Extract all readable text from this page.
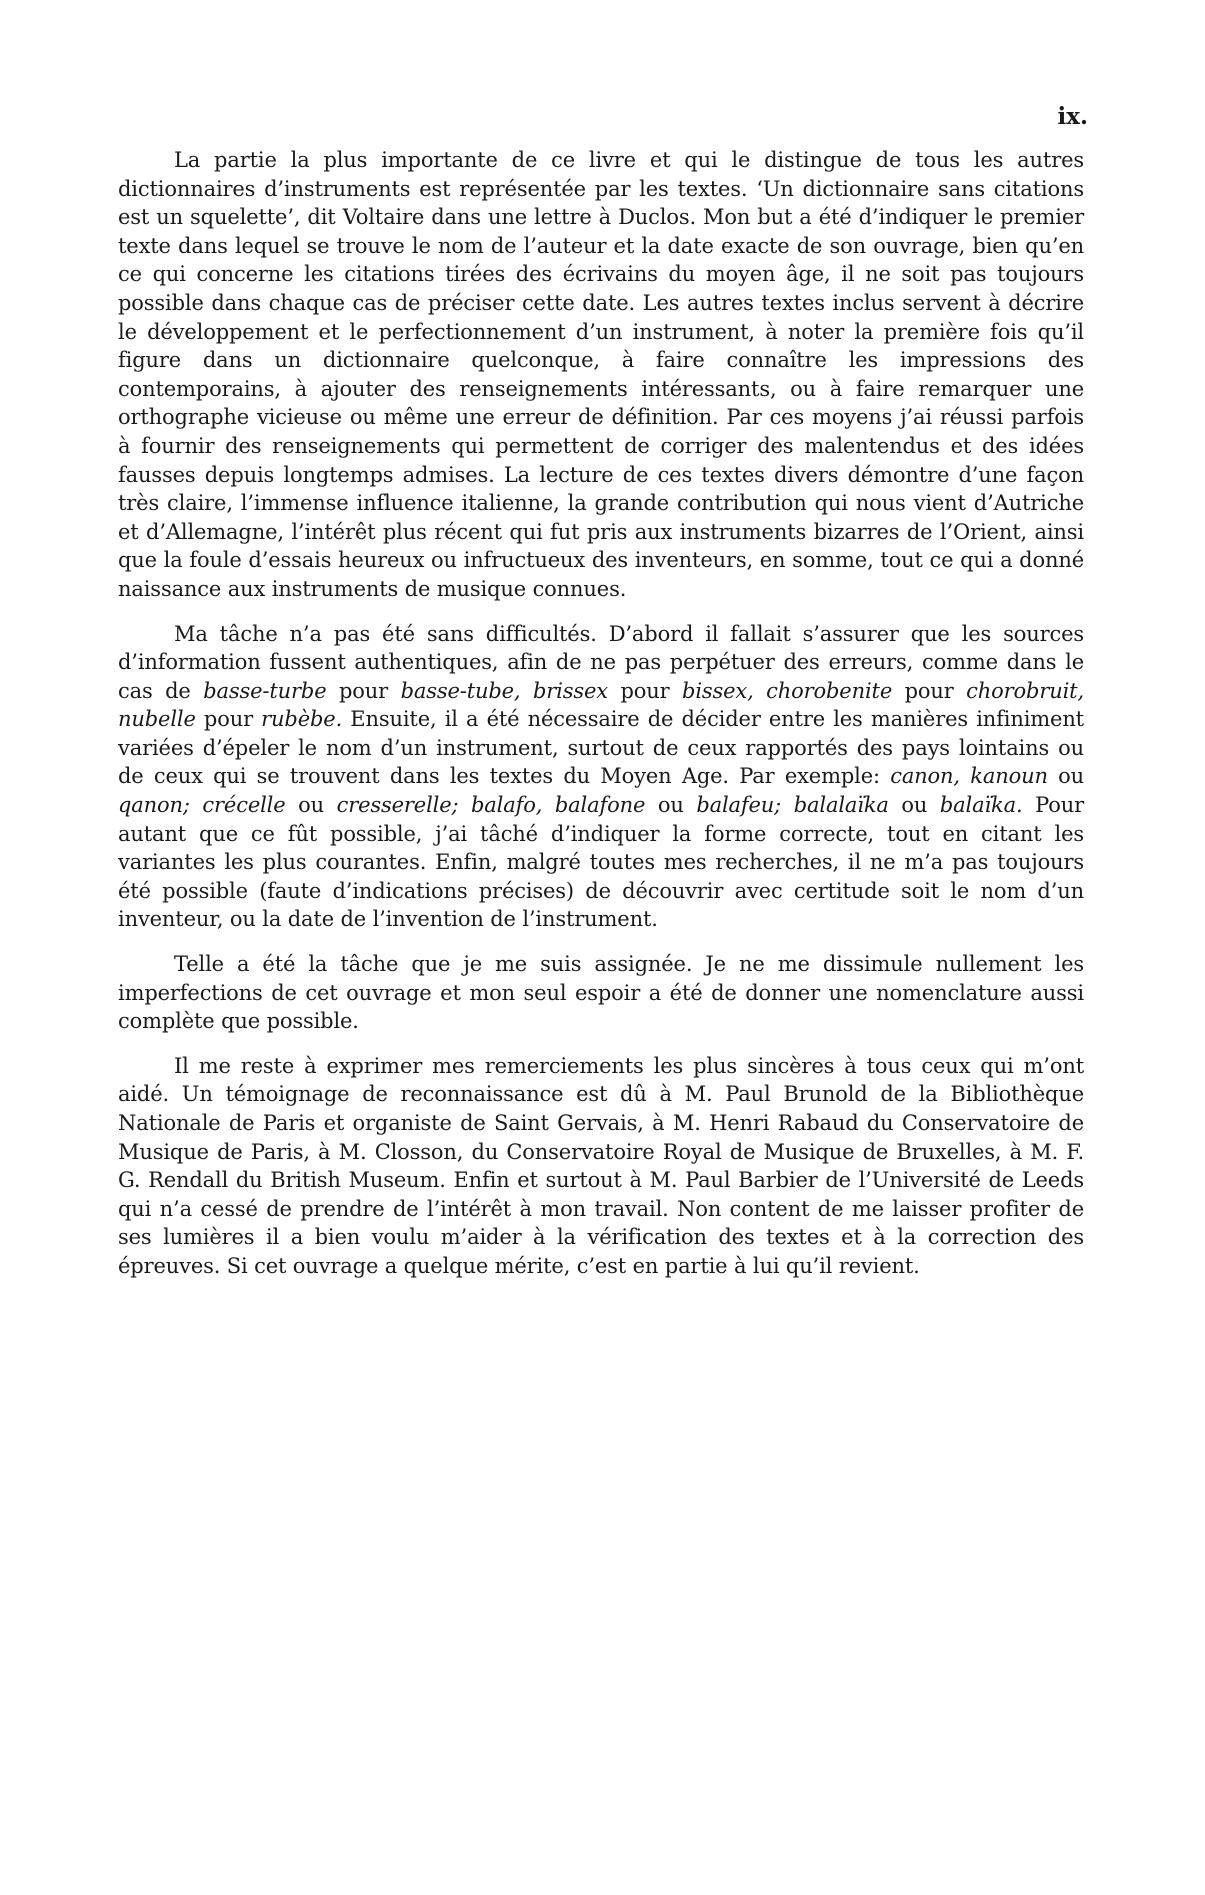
ix.

La partie la plus importante de ce livre et qui le distingue de tous les autres dictionnaires d’instruments est représentée par les textes. ‘Un dictionnaire sans citations est un squelette’, dit Voltaire dans une lettre à Duclos. Mon but a été d’indiquer le premier texte dans lequel se trouve le nom de l’auteur et la date exacte de son ouvrage, bien qu’en ce qui concerne les citations tirées des écrivains du moyen âge, il ne soit pas toujours possible dans chaque cas de préciser cette date. Les autres textes inclus servent à décrire le développement et le perfectionnement d’un instrument, à noter la première fois qu’il figure dans un dictionnaire quelconque, à faire connaître les impressions des contemporains, à ajouter des renseignements intéressants, ou à faire remarquer une orthographe vicieuse ou même une erreur de définition. Par ces moyens j’ai réussi parfois à fournir des renseignements qui permettent de corriger des malentendus et des idées fausses depuis longtemps admises. La lecture de ces textes divers démontre d’une façon très claire, l’immense influence italienne, la grande contribution qui nous vient d’Autriche et d’Allemagne, l’intérêt plus récent qui fut pris aux instruments bizarres de l’Orient, ainsi que la foule d’essais heureux ou infructueux des inventeurs, en somme, tout ce qui a donné naissance aux instruments de musique connues.

Ma tâche n’a pas été sans difficultés. D’abord il fallait s’assurer que les sources d’information fussent authentiques, afin de ne pas perpétuer des erreurs, comme dans le cas de basse-turbe pour basse-tube, brissex pour bissex, chorobenite pour chorobruit, nubelle pour rubèbe. Ensuite, il a été nécessaire de décider entre les manières infiniment variées d’épeler le nom d’un instrument, surtout de ceux rapportés des pays lointains ou de ceux qui se trouvent dans les textes du Moyen Age. Par exemple: canon, kanoun ou qanon; crécelle ou cresserelle; balafo, balafone ou balafeu; balalaïka ou balaïka. Pour autant que ce fût possible, j’ai tâché d’indiquer la forme correcte, tout en citant les variantes les plus courantes. Enfin, malgré toutes mes recherches, il ne m’a pas toujours été possible (faute d’indications précises) de découvrir avec certitude soit le nom d’un inventeur, ou la date de l’invention de l’instrument.

Telle a été la tâche que je me suis assignée. Je ne me dissimule nullement les imperfections de cet ouvrage et mon seul espoir a été de donner une nomenclature aussi complète que possible.

Il me reste à exprimer mes remerciements les plus sincères à tous ceux qui m’ont aidé. Un témoignage de reconnaissance est dû à M. Paul Brunold de la Bibliothèque Nationale de Paris et organiste de Saint Gervais, à M. Henri Rabaud du Conservatoire de Musique de Paris, à M. Closson, du Conservatoire Royal de Musique de Bruxelles, à M. F. G. Rendall du British Museum. Enfin et surtout à M. Paul Barbier de l’Université de Leeds qui n’a cessé de prendre de l’intérêt à mon travail. Non content de me laisser profiter de ses lumières il a bien voulu m’aider à la vérification des textes et à la correction des épreuves. Si cet ouvrage a quelque mérite, c’est en partie à lui qu’il revient.
